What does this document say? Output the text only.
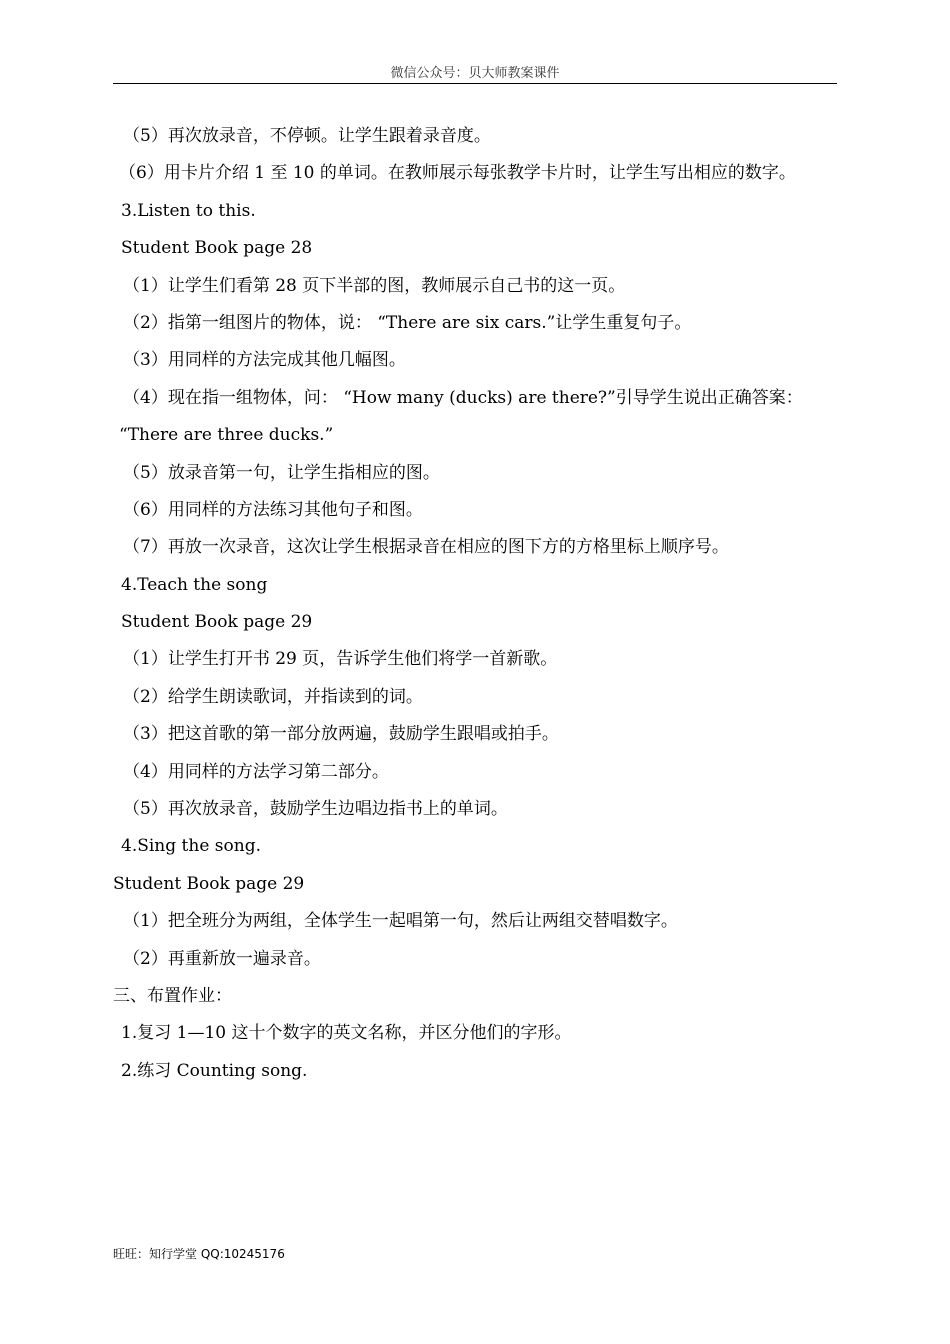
微信公众号：贝大师教案课件
（5）再次放录音，不停顿。让学生跟着录音度。
（6）用卡片介绍 1 至 10 的单词。在教师展示每张教学卡片时，让学生写出相应的数字。
3.Listen to this.
Student Book page 28
（1）让学生们看第 28 页下半部的图，教师展示自己书的这一页。
（2）指第一组图片的物体，说： “There are six cars.”让学生重复句子。
（3）用同样的方法完成其他几幅图。
（4）现在指一组物体，问： “How many (ducks) are there?”引导学生说出正确答案：
“There are three ducks.”
（5）放录音第一句，让学生指相应的图。
（6）用同样的方法练习其他句子和图。
（7）再放一次录音，这次让学生根据录音在相应的图下方的方格里标上顺序号。
4.Teach the song
Student Book page 29
（1）让学生打开书 29 页，告诉学生他们将学一首新歌。
（2）给学生朗读歌词，并指读到的词。
（3）把这首歌的第一部分放两遍，鼓励学生跟唱或拍手。
（4）用同样的方法学习第二部分。
（5）再次放录音，鼓励学生边唱边指书上的单词。
4.Sing the song.
Student Book page 29
（1）把全班分为两组，全体学生一起唱第一句，然后让两组交替唱数字。
（2）再重新放一遍录音。
三、布置作业：
1.复习 1—10 这十个数字的英文名称，并区分他们的字形。
2.练习 Counting song.
旺旺：知行学堂 QQ:10245176
